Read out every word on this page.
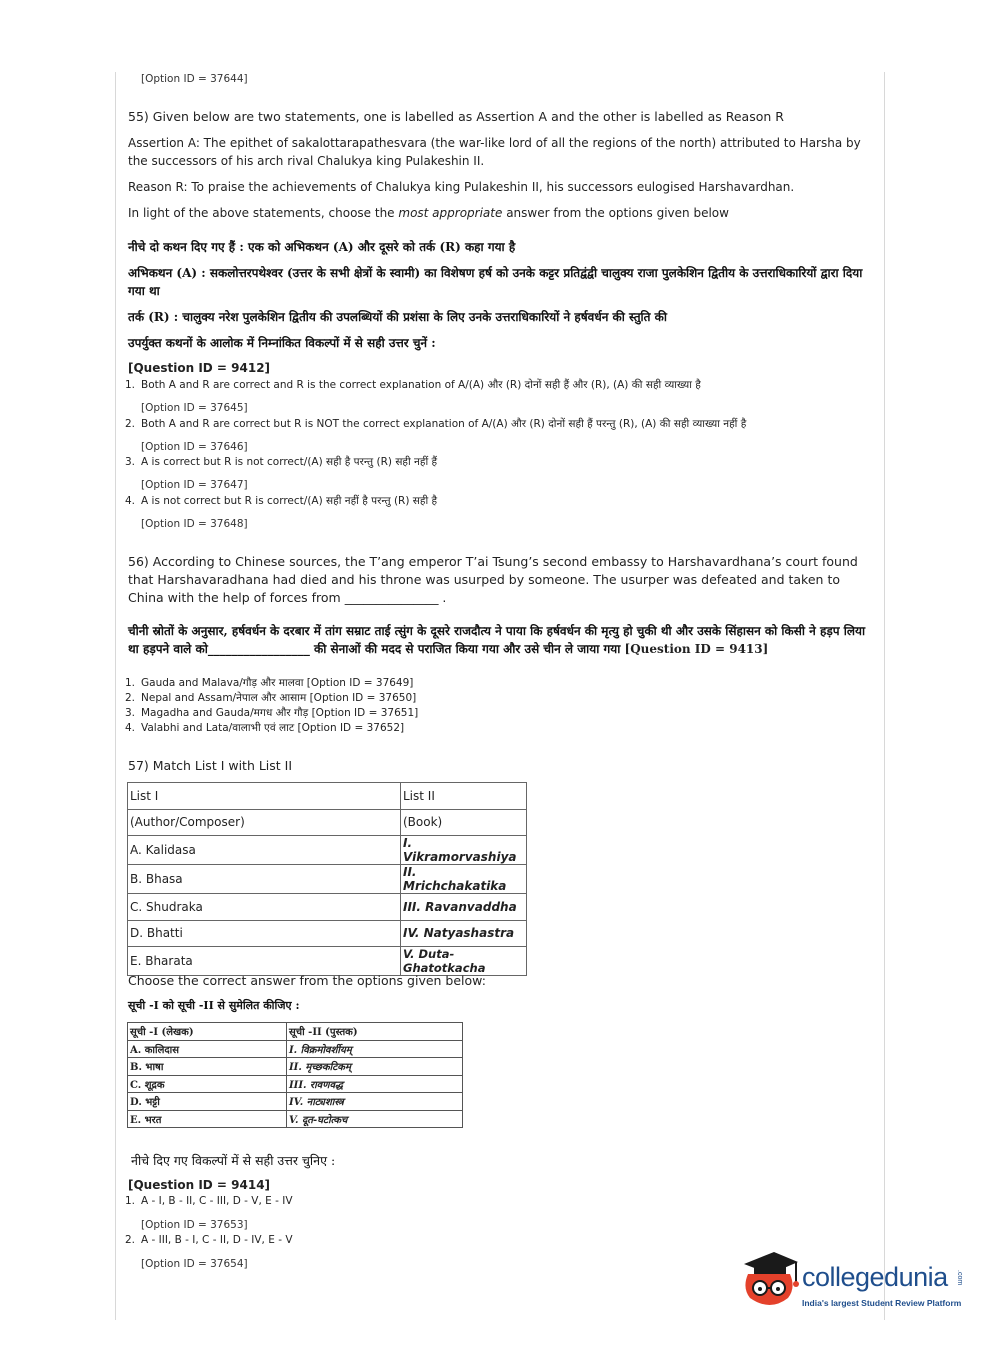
[Option ID = 37644]
55) Given below are two statements, one is labelled as Assertion A and the other is labelled as Reason R
Assertion A: The epithet of sakalottarapathesvara (the war-like lord of all the regions of the north) attributed to Harsha by the successors of his arch rival Chalukya king Pulakeshin II.
Reason R: To praise the achievements of Chalukya king Pulakeshin II, his successors eulogised Harshavardhan.
In light of the above statements, choose the most appropriate answer from the options given below
नीचे दो कथन दिए गए हैं : एक को अभिकथन (A) और दूसरे को तर्क (R) कहा गया है
अभिकथन (A) : सकलोत्तरपथेश्वर (उत्तर के सभी क्षेत्रों के स्वामी) का विशेषण हर्ष को उनके कट्टर प्रतिद्वंद्वी चालुक्य राजा पुलकेशिन द्वितीय के उत्तराधिकारियों द्वारा दिया गया था
तर्क (R) : चालुक्य नरेश पुलकेशिन द्वितीय की उपलब्धियों की प्रशंसा के लिए उनके उत्तराधिकारियों ने हर्षवर्धन की स्तुति की
उपर्युक्त कथनों के आलोक में निम्नांकित विकल्पों में से सही उत्तर चुनें :
[Question ID = 9412]
1. Both A and R are correct and R is the correct explanation of A/(A) और (R) दोनों सही हैं और (R), (A) की सही व्याख्या है
[Option ID = 37645]
2. Both A and R are correct but R is NOT the correct explanation of A/(A) और (R) दोनों सही हैं परन्तु (R), (A) की सही व्याख्या नहीं है
[Option ID = 37646]
3. A is correct but R is not correct/(A) सही है परन्तु (R) सही नहीं हैं
[Option ID = 37647]
4. A is not correct but R is correct/(A) सही नहीं है परन्तु (R) सही है
[Option ID = 37648]
56) According to Chinese sources, the T’ang emperor T’ai Tsung’s second embassy to Harshavardhana’s court found that Harshavaradhana had died and his throne was usurped by someone. The usurper was defeated and taken to China with the help of forces from _______________ .
चीनी स्रोतों के अनुसार, हर्षवर्धन के दरबार में तांग सम्राट ताई त्सुंग के दूसरे राजदौत्य ने पाया कि हर्षवर्धन की मृत्यु हो चुकी थी और उसके सिंहासन को किसी ने हड़प लिया था हड़पने वाले को_________________ की सेनाओं की मदद से पराजित किया गया और उसे चीन ले जाया गया [Question ID = 9413]
1. Gauda and Malava/गौड़ और मालवा [Option ID = 37649]
2. Nepal and Assam/नेपाल और आसाम [Option ID = 37650]
3. Magadha and Gauda/मगध और गौड़ [Option ID = 37651]
4. Valabhi and Lata/वालाभी एवं लाट [Option ID = 37652]
57) Match List I with List II
List I	List II
(Author/Composer)	(Book)
A. Kalidasa	I. Vikramorvashiya
B. Bhasa	II. Mrichchakatika
C. Shudraka	III. Ravanvaddha
D. Bhatti	IV. Natyashastra
E. Bharata	V. Duta-Ghatotkacha
Choose the correct answer from the options given below:
सूची -I को सूची -II से सुमेलित कीजिए :
सूची -I (लेखक)	सूची -II (पुस्तक)
A. कालिदास	I. विक्रमोवर्शीयम्
B. भाषा	II. मृच्छकटिकम्
C. शूद्रक	III. रावणवद्ध
D. भट्टी	IV. नाट्यशास्त्र
E. भरत	V. दूत-घटोत्कच
नीचे दिए गए विकल्पों में से सही उत्तर चुनिए :
[Question ID = 9414]
1. A - I, B - II, C - III, D - V, E - IV
[Option ID = 37653]
2. A - III, B - I, C - II, D - IV, E - V
[Option ID = 37654]	collegedunia .com
India's largest Student Review Platform
